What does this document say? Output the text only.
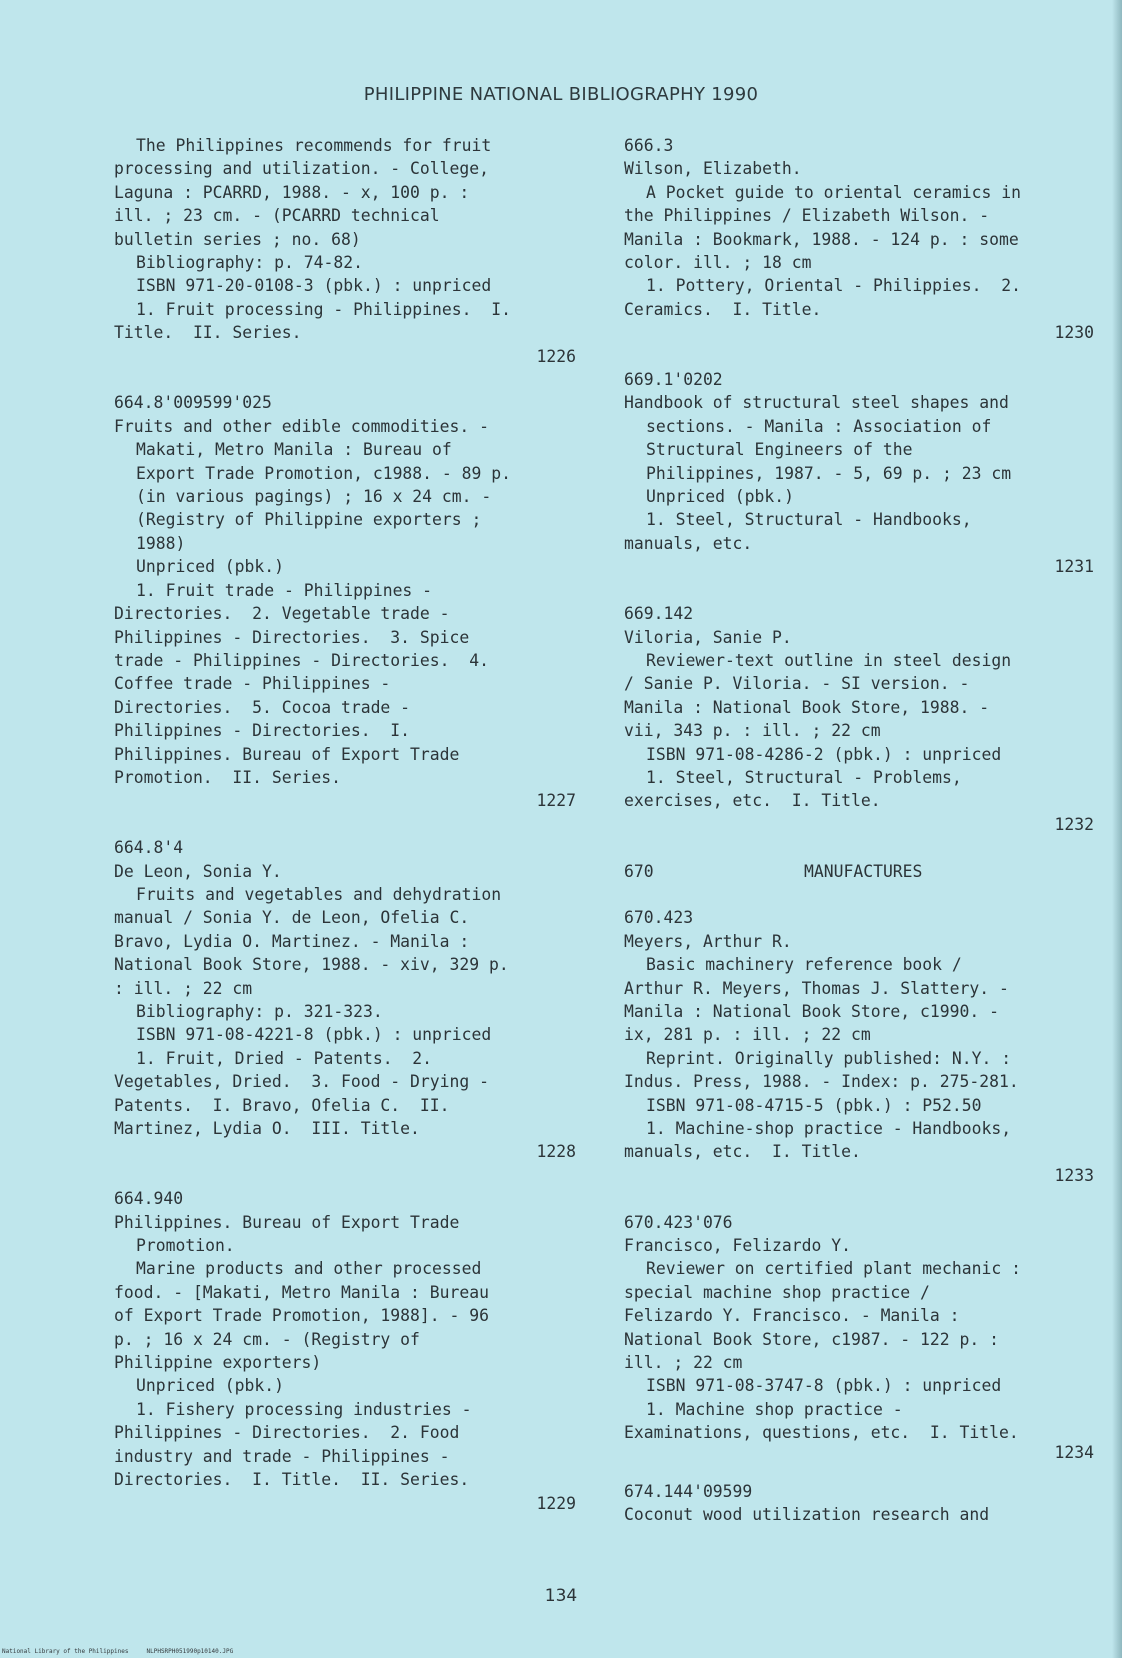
PHILIPPINE NATIONAL BIBLIOGRAPHY 1990
The Philippines recommends for fruit
processing and utilization. - College,
Laguna : PCARRD, 1988. - x, 100 p. :
ill. ; 23 cm. - (PCARRD technical
bulletin series ; no. 68)
Bibliography: p. 74-82.
ISBN 971-20-0108-3 (pbk.) : unpriced
1. Fruit processing - Philippines.  I.
Title.  II. Series.
1226
664.8'009599'025
Fruits and other edible commodities. -
Makati, Metro Manila : Bureau of
Export Trade Promotion, c1988. - 89 p.
(in various pagings) ; 16 x 24 cm. -
(Registry of Philippine exporters ;
1988)
Unpriced (pbk.)
1. Fruit trade - Philippines -
Directories.  2. Vegetable trade -
Philippines - Directories.  3. Spice
trade - Philippines - Directories.  4.
Coffee trade - Philippines -
Directories.  5. Cocoa trade -
Philippines - Directories.  I.
Philippines. Bureau of Export Trade
Promotion.  II. Series.
1227
664.8'4
De Leon, Sonia Y.
Fruits and vegetables and dehydration
manual / Sonia Y. de Leon, Ofelia C.
Bravo, Lydia O. Martinez. - Manila :
National Book Store, 1988. - xiv, 329 p.
: ill. ; 22 cm
Bibliography: p. 321-323.
ISBN 971-08-4221-8 (pbk.) : unpriced
1. Fruit, Dried - Patents.  2.
Vegetables, Dried.  3. Food - Drying -
Patents.  I. Bravo, Ofelia C.  II.
Martinez, Lydia O.  III. Title.
1228
664.940
Philippines. Bureau of Export Trade
Promotion.
Marine products and other processed
food. - [Makati, Metro Manila : Bureau
of Export Trade Promotion, 1988]. - 96
p. ; 16 x 24 cm. - (Registry of
Philippine exporters)
Unpriced (pbk.)
1. Fishery processing industries -
Philippines - Directories.  2. Food
industry and trade - Philippines -
Directories.  I. Title.  II. Series.
1229
666.3
Wilson, Elizabeth.
A Pocket guide to oriental ceramics in
the Philippines / Elizabeth Wilson. -
Manila : Bookmark, 1988. - 124 p. : some
color. ill. ; 18 cm
1. Pottery, Oriental - Philippies.  2.
Ceramics.  I. Title.
1230
669.1'0202
Handbook of structural steel shapes and
sections. - Manila : Association of
Structural Engineers of the
Philippines, 1987. - 5, 69 p. ; 23 cm
Unpriced (pbk.)
1. Steel, Structural - Handbooks,
manuals, etc.
1231
669.142
Viloria, Sanie P.
Reviewer-text outline in steel design
/ Sanie P. Viloria. - SI version. -
Manila : National Book Store, 1988. -
vii, 343 p. : ill. ; 22 cm
ISBN 971-08-4286-2 (pbk.) : unpriced
1. Steel, Structural - Problems,
exercises, etc.  I. Title.
1232
670	MANUFACTURES
670.423
Meyers, Arthur R.
Basic machinery reference book /
Arthur R. Meyers, Thomas J. Slattery. -
Manila : National Book Store, c1990. -
ix, 281 p. : ill. ; 22 cm
Reprint. Originally published: N.Y. :
Indus. Press, 1988. - Index: p. 275-281.
ISBN 971-08-4715-5 (pbk.) : P52.50
1. Machine-shop practice - Handbooks,
manuals, etc.  I. Title.
1233
670.423'076
Francisco, Felizardo Y.
Reviewer on certified plant mechanic :
special machine shop practice /
Felizardo Y. Francisco. - Manila :
National Book Store, c1987. - 122 p. :
ill. ; 22 cm
ISBN 971-08-3747-8 (pbk.) : unpriced
1. Machine shop practice -
Examinations, questions, etc.  I. Title.
1234
674.144'09599
Coconut wood utilization research and
134
National Library of the Philippines     NLPHSRPH051990p10140.JPG
